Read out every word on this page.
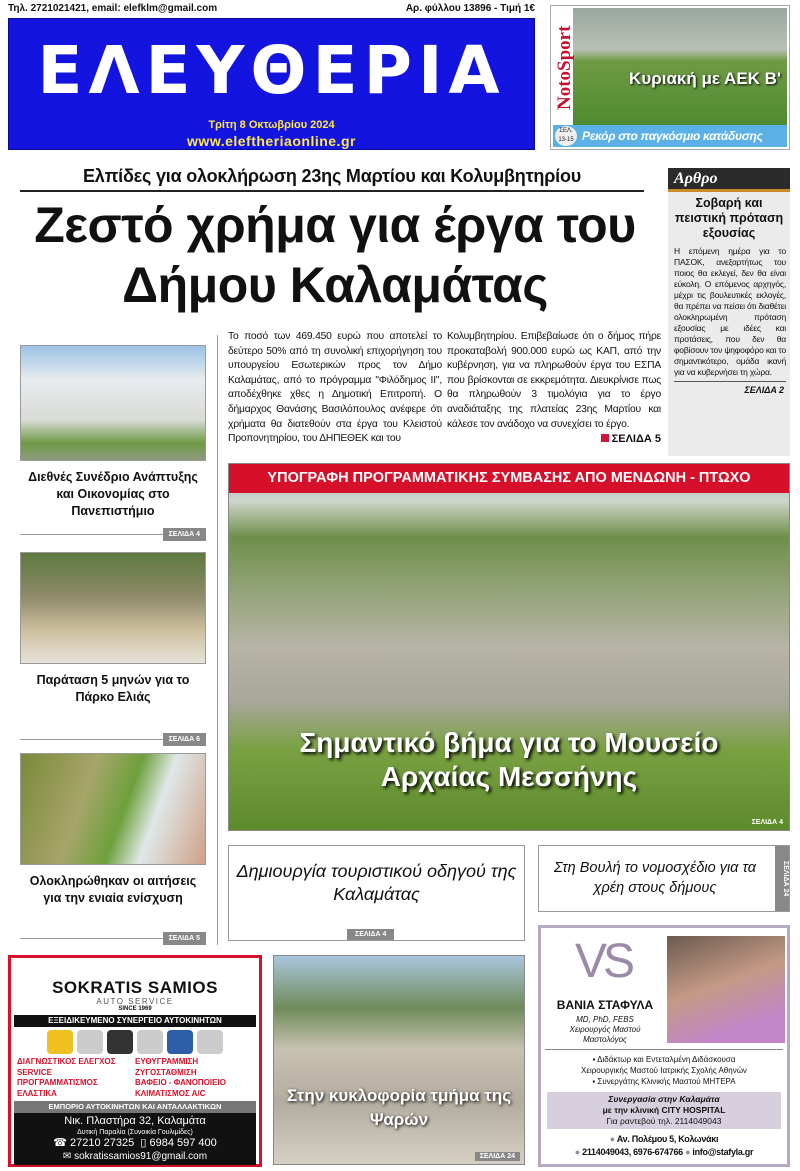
Τηλ. 2721021421, email: elefklm@gmail.com	Αρ. φύλλου 13896 - Τιμή 1€
ΕΛΕΥΘΕΡΙΑ
Τρίτη 8 Οκτωβρίου 2024
www.eleftheriaonline.gr
NotoSport	Κυριακή με ΑΕΚ Β'
Ρεκόρ στο παγκόσμιο κατάδυσης
ΣΕΛ. 13-15
Ελπίδες για ολοκλήρωση 23ης Μαρτίου και Κολυμβητηρίου
Ζεστό χρήμα για έργα του Δήμου Καλαμάτας
Αρθρο
Σοβαρή και πειστική πρόταση εξουσίας
Η επόμενη ημέρα για το ΠΑΣΟΚ, ανεξαρτήτως του ποιος θα εκλεγεί, δεν θα είναι εύκολη. Ο επόμενος αρχηγός, μέχρι τις βουλευτικές εκλογές, θα πρέπει να πείσει ότι διαθέτει ολοκληρωμένη πρόταση εξουσίας με ιδέες και προτάσεις, που δεν θα φοβίσουν τον ψηφοφόρο και το σημαντικότερο, ομάδα ικανή για να κυβερνήσει τη χώρα.
ΣΕΛΙΔΑ 2
Το ποσό των 469.450 ευρώ που αποτελεί το δεύτερο 50% από τη συνολική επιχορήγηση του υπουργείου Εσωτερικών προς τον Δήμο Καλαμάτας, από το πρόγραμμα "Φιλόδημος ΙΙ", αποδέχθηκε χθες η Δημοτική Επιτροπή. Ο δήμαρχος Θανάσης Βασιλόπουλος ανέφερε ότι χρήματα θα διατεθούν στα έργα του Κλειστού Προπονητηρίου, του ΔΗΠΕΘΕΚ και του
Κολυμβητηρίου. Επιβεβαίωσε ότι ο δήμος πήρε προκαταβολή 900.000 ευρώ ως ΚΑΠ, από την κυβέρνηση, για να πληρωθούν έργα του ΕΣΠΑ που βρίσκονται σε εκκρεμότητα. Διευκρίνισε πως θα πληρωθούν 3 τιμολόγια για το έργο αναδιάταξης της πλατείας 23ης Μαρτίου και κάλεσε τον ανάδοχο να συνεχίσει το έργο.
ΣΕΛΙΔΑ 5
Διεθνές Συνέδριο Ανάπτυξης και Οικονομίας στο Πανεπιστήμιο
ΣΕΛΙΔΑ 4
Παράταση 5 μηνών για το Πάρκο Ελιάς
ΣΕΛΙΔΑ 6
Ολοκληρώθηκαν οι αιτήσεις για την ενιαία ενίσχυση
ΣΕΛΙΔΑ 5
ΥΠΟΓΡΑΦΗ ΠΡΟΓΡΑΜΜΑΤΙΚΗΣ ΣΥΜΒΑΣΗΣ ΑΠΟ ΜΕΝΔΩΝΗ - ΠΤΩΧΟ
Σημαντικό βήμα για το Μουσείο Αρχαίας Μεσσήνης
ΣΕΛΙΔΑ 4
Δημιουργία τουριστικού οδηγού της Καλαμάτας
ΣΕΛΙΔΑ 4
Στη Βουλή το νομοσχέδιο για τα χρέη στους δήμους	ΣΕΛΙΔΑ 24
SOKRATIS SAMIOS
AUTO SERVICE
SINCE 1969
ΕΞΕΙΔΙΚΕΥΜΕΝΟ ΣΥΝΕΡΓΕΙΟ ΑΥΤΟΚΙΝΗΤΩΝ
ΔΙΑΓΝΩΣΤΙΚΟΣ ΕΛΕΓΧΟΣ	ΕΥΘΥΓΡΑΜΜΙΣΗ
SERVICE	ΖΥΓΟΣΤΑΘΜΙΣΗ
ΠΡΟΓΡΑΜΜΑΤΙΣΜΟΣ	ΒΑΦΕΙΟ - ΦΑΝΟΠΟΙΕΙΟ
ΕΛΑΣΤΙΚΑ	ΚΛΙΜΑΤΙΣΜΟΣ Α/C
ΕΜΠΟΡΙΟ ΑΥΤΟΚΙΝΗΤΩΝ ΚΑΙ ΑΝΤΑΛΛΑΚΤΙΚΩΝ
Νικ. Πλαστήρα 32, Καλαμάτα
Δυτική Παραλία (Συνοικία Γουλιμίδες)
☎ 27210 27325 ▯ 6984 597 400
✉ sokratissamios91@gmail.com
Στην κυκλοφορία τμήμα της Ψαρών
ΣΕΛΙΔΑ 24
VS
ΒΑΝΙΑ ΣΤΑΦΥΛΑ
MD, PhD, FEBS
Χειρουργός Μαστού
Μαστολόγος
▪ Διδάκτωρ και Εντεταλμένη Διδάσκουσα
Χειρουργικής Μαστού Ιατρικής Σχολής Αθηνών
▪ Συνεργάτης Κλινικής Μαστού ΜΗΤΕΡΑ
Συνεργασία στην Καλαμάτα
με την κλινική CITY HOSPITAL
Για ραντεβού τηλ. 2114049043
● Αν. Πολέμου 5, Κολωνάκι
● 2114049043, 6976-674766 ● info@stafyla.gr
